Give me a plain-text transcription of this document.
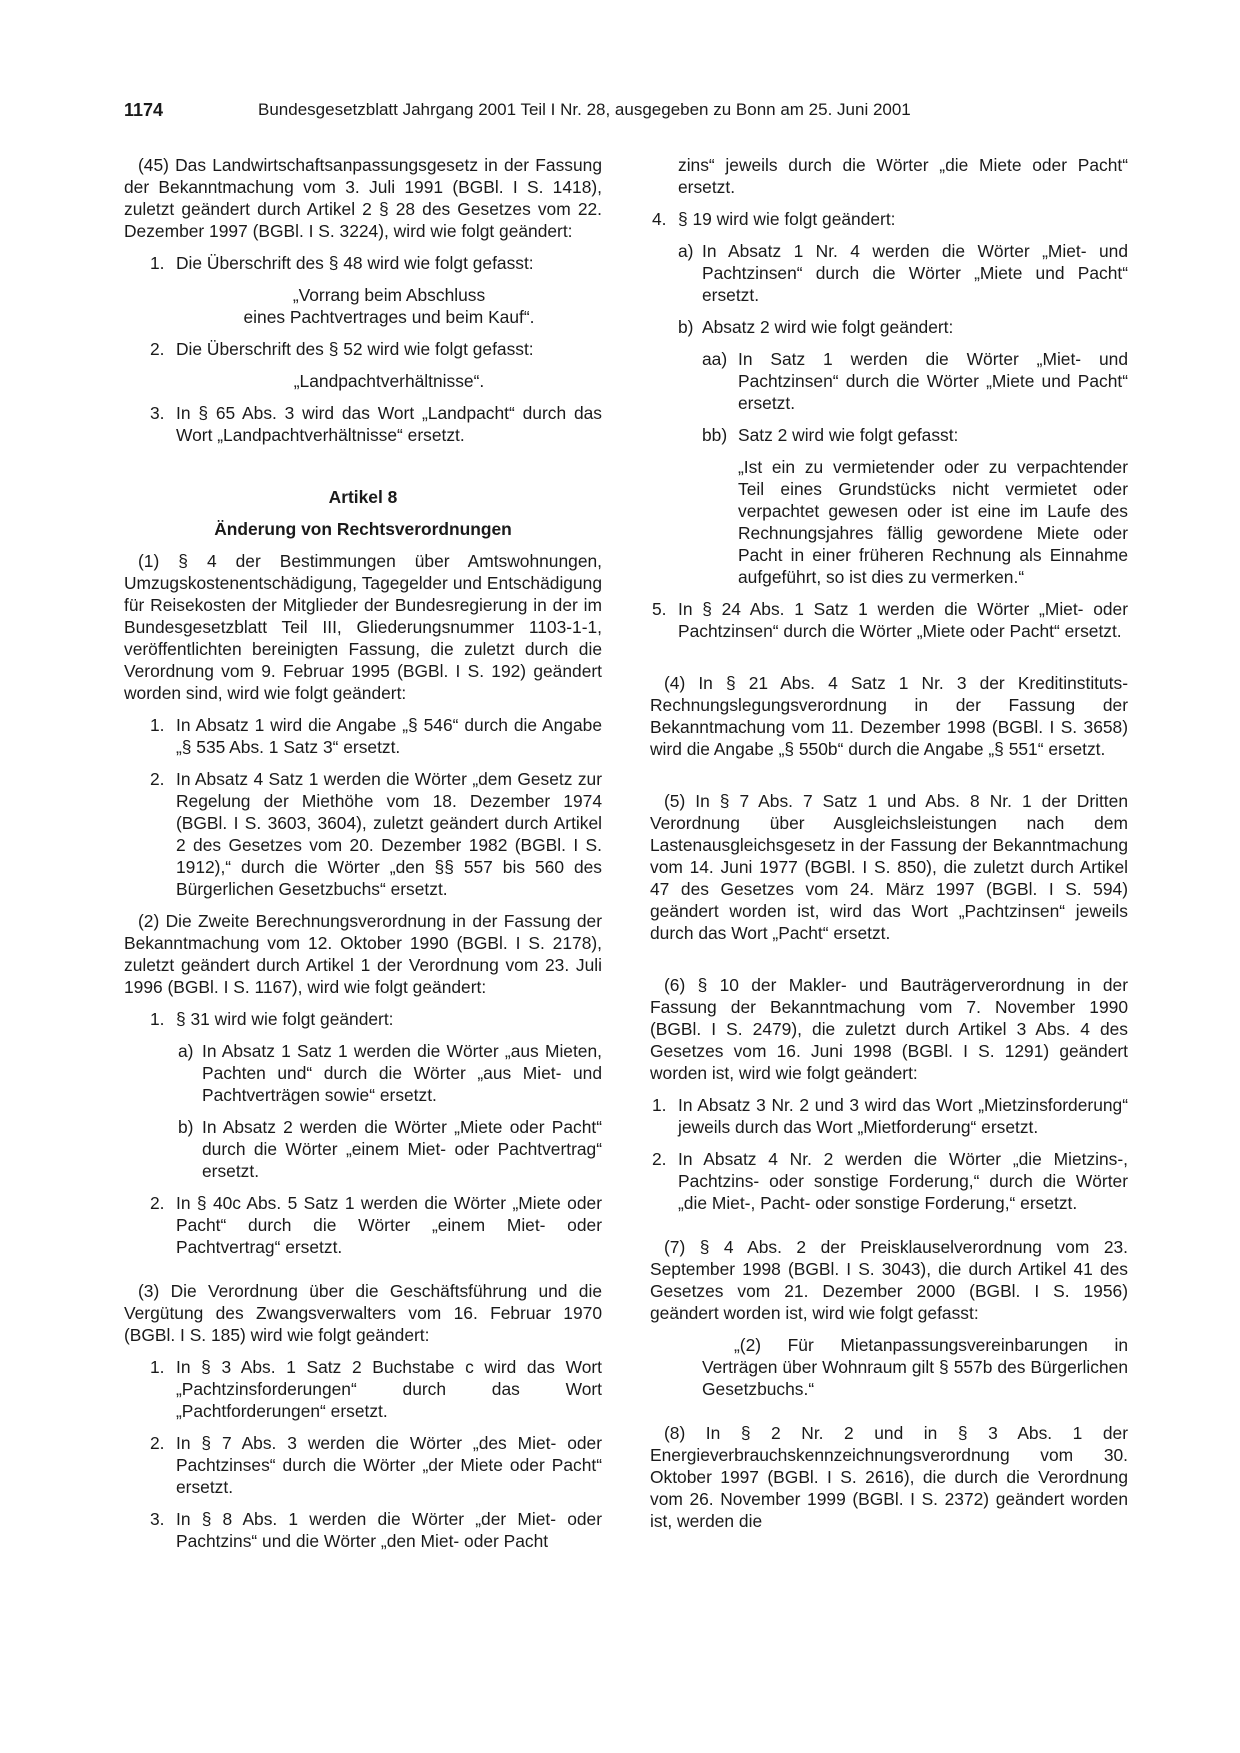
1174	Bundesgesetzblatt Jahrgang 2001 Teil I Nr. 28, ausgegeben zu Bonn am 25. Juni 2001

(45) Das Landwirtschaftsanpassungsgesetz in der Fassung der Bekanntmachung vom 3. Juli 1991 (BGBl. I S. 1418), zuletzt geändert durch Artikel 2 § 28 des Gesetzes vom 22. Dezember 1997 (BGBl. I S. 3224), wird wie folgt geändert:

1. Die Überschrift des § 48 wird wie folgt gefasst:
„Vorrang beim Abschluss
eines Pachtvertrages und beim Kauf“.
2. Die Überschrift des § 52 wird wie folgt gefasst:
„Landpachtverhältnisse“.
3. In § 65 Abs. 3 wird das Wort „Landpacht“ durch das Wort „Landpachtverhältnisse“ ersetzt.
Artikel 8
Änderung von Rechtsverordnungen

(1) § 4 der Bestimmungen über Amtswohnungen, Umzugskostenentschädigung, Tagegelder und Entschädigung für Reisekosten der Mitglieder der Bundesregierung in der im Bundesgesetzblatt Teil III, Gliederungsnummer 1103-1-1, veröffentlichten bereinigten Fassung, die zuletzt durch die Verordnung vom 9. Februar 1995 (BGBl. I S. 192) geändert worden sind, wird wie folgt geändert:

1. In Absatz 1 wird die Angabe „§ 546“ durch die Angabe „§ 535 Abs. 1 Satz 3“ ersetzt.
2. In Absatz 4 Satz 1 werden die Wörter „dem Gesetz zur Regelung der Miethöhe vom 18. Dezember 1974 (BGBl. I S. 3603, 3604), zuletzt geändert durch Artikel 2 des Gesetzes vom 20. Dezember 1982 (BGBl. I S. 1912),“ durch die Wörter „den §§ 557 bis 560 des Bürgerlichen Gesetzbuchs“ ersetzt.

(2) Die Zweite Berechnungsverordnung in der Fassung der Bekanntmachung vom 12. Oktober 1990 (BGBl. I S. 2178), zuletzt geändert durch Artikel 1 der Verordnung vom 23. Juli 1996 (BGBl. I S. 1167), wird wie folgt geändert:

1. § 31 wird wie folgt geändert:
a) In Absatz 1 Satz 1 werden die Wörter „aus Mieten, Pachten und“ durch die Wörter „aus Miet- und Pachtverträgen sowie“ ersetzt.
b) In Absatz 2 werden die Wörter „Miete oder Pacht“ durch die Wörter „einem Miet- oder Pachtvertrag“ ersetzt.
2. In § 40c Abs. 5 Satz 1 werden die Wörter „Miete oder Pacht“ durch die Wörter „einem Miet- oder Pachtvertrag“ ersetzt.

(3) Die Verordnung über die Geschäftsführung und die Vergütung des Zwangsverwalters vom 16. Februar 1970 (BGBl. I S. 185) wird wie folgt geändert:

1. In § 3 Abs. 1 Satz 2 Buchstabe c wird das Wort „Pachtzinsforderungen“ durch das Wort „Pachtforderungen“ ersetzt.
2. In § 7 Abs. 3 werden die Wörter „des Miet- oder Pachtzinses“ durch die Wörter „der Miete oder Pacht“ ersetzt.
3. In § 8 Abs. 1 werden die Wörter „der Miet- oder Pachtzins“ und die Wörter „den Miet- oder Pacht
zins“ jeweils durch die Wörter „die Miete oder Pacht“ ersetzt.
4. § 19 wird wie folgt geändert:
a) In Absatz 1 Nr. 4 werden die Wörter „Miet- und Pachtzinsen“ durch die Wörter „Miete und Pacht“ ersetzt.
b) Absatz 2 wird wie folgt geändert:
aa) In Satz 1 werden die Wörter „Miet- und Pachtzinsen“ durch die Wörter „Miete und Pacht“ ersetzt.
bb) Satz 2 wird wie folgt gefasst:

„Ist ein zu vermietender oder zu verpachtender Teil eines Grundstücks nicht vermietet oder verpachtet gewesen oder ist eine im Laufe des Rechnungsjahres fällig gewordene Miete oder Pacht in einer früheren Rechnung als Einnahme aufgeführt, so ist dies zu vermerken.“

5. In § 24 Abs. 1 Satz 1 werden die Wörter „Miet- oder Pachtzinsen“ durch die Wörter „Miete oder Pacht“ ersetzt.

(4) In § 21 Abs. 4 Satz 1 Nr. 3 der Kreditinstituts-Rechnungslegungsverordnung in der Fassung der Bekanntmachung vom 11. Dezember 1998 (BGBl. I S. 3658) wird die Angabe „§ 550b“ durch die Angabe „§ 551“ ersetzt.

(5) In § 7 Abs. 7 Satz 1 und Abs. 8 Nr. 1 der Dritten Verordnung über Ausgleichsleistungen nach dem Lastenausgleichsgesetz in der Fassung der Bekanntmachung vom 14. Juni 1977 (BGBl. I S. 850), die zuletzt durch Artikel 47 des Gesetzes vom 24. März 1997 (BGBl. I S. 594) geändert worden ist, wird das Wort „Pachtzinsen“ jeweils durch das Wort „Pacht“ ersetzt.

(6) § 10 der Makler- und Bauträgerverordnung in der Fassung der Bekanntmachung vom 7. November 1990 (BGBl. I S. 2479), die zuletzt durch Artikel 3 Abs. 4 des Gesetzes vom 16. Juni 1998 (BGBl. I S. 1291) geändert worden ist, wird wie folgt geändert:

1. In Absatz 3 Nr. 2 und 3 wird das Wort „Mietzinsforderung“ jeweils durch das Wort „Mietforderung“ ersetzt.
2. In Absatz 4 Nr. 2 werden die Wörter „die Mietzins-, Pachtzins- oder sonstige Forderung,“ durch die Wörter „die Miet-, Pacht- oder sonstige Forderung,“ ersetzt.

(7) § 4 Abs. 2 der Preisklauselverordnung vom 23. September 1998 (BGBl. I S. 3043), die durch Artikel 41 des Gesetzes vom 21. Dezember 2000 (BGBl. I S. 1956) geändert worden ist, wird wie folgt gefasst:

„(2) Für Mietanpassungsvereinbarungen in Verträgen über Wohnraum gilt § 557b des Bürgerlichen Gesetzbuchs.“

(8) In § 2 Nr. 2 und in § 3 Abs. 1 der Energieverbrauchskennzeichnungsverordnung vom 30. Oktober 1997 (BGBl. I S. 2616), die durch die Verordnung vom 26. November 1999 (BGBl. I S. 2372) geändert worden ist, werden die
